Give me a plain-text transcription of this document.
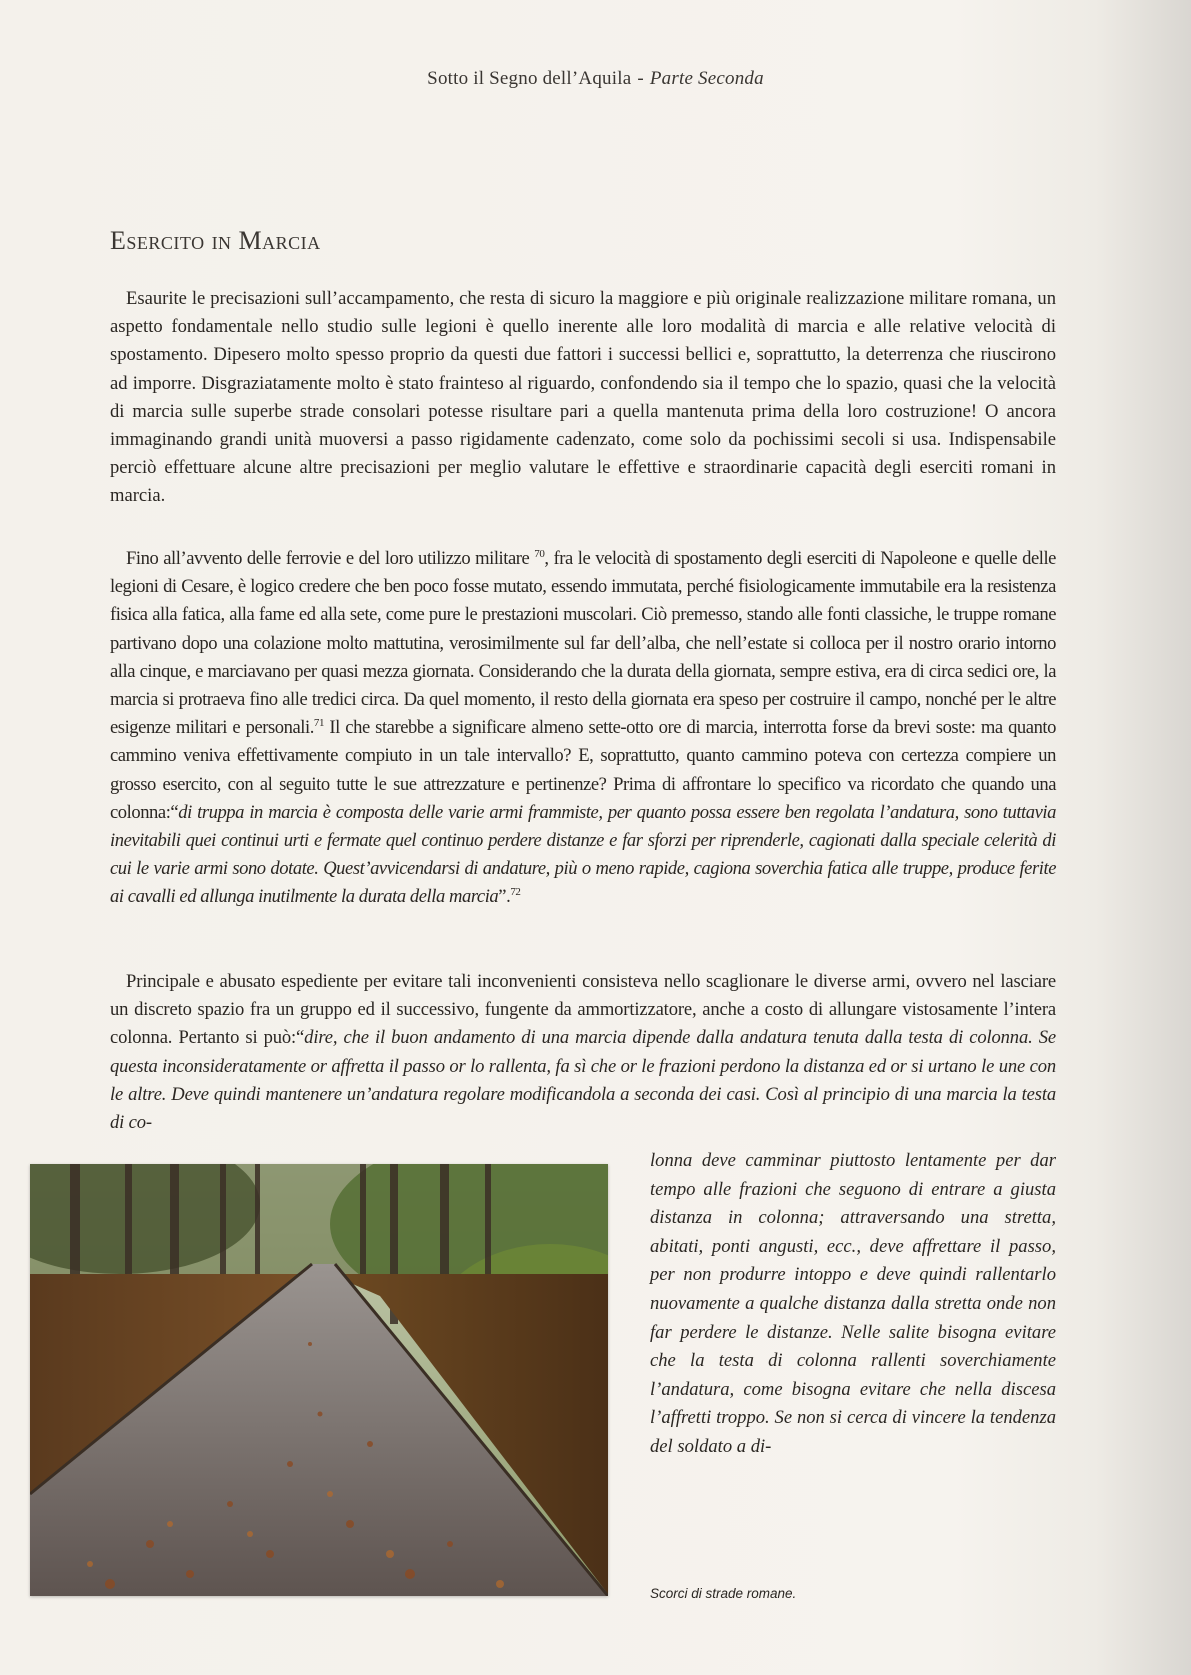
Sotto il Segno dell’Aquila - Parte Seconda
Esercito in Marcia

Esaurite le precisazioni sull’accampamento, che resta di sicuro la maggiore e più originale realizzazione militare romana, un aspetto fondamentale nello studio sulle legioni è quello inerente alle loro modalità di marcia e alle relative velocità di spostamento. Dipesero molto spesso proprio da questi due fattori i successi bellici e, soprattutto, la deterrenza che riuscirono ad imporre. Disgraziatamente molto è stato frainteso al riguardo, confondendo sia il tempo che lo spazio, quasi che la velocità di marcia sulle superbe strade consolari potesse risultare pari a quella mantenuta prima della loro costruzione! O ancora immaginando grandi unità muoversi a passo rigidamente cadenzato, come solo da pochissimi secoli si usa. Indispensabile perciò effettuare alcune altre precisazioni per meglio valutare le effettive e straordinarie capacità degli eserciti romani in marcia.

Fino all’avvento delle ferrovie e del loro utilizzo militare $^{70}$, fra le velocità di spostamento degli eserciti di Napoleone e quelle delle legioni di Cesare, è logico credere che ben poco fosse mutato, essendo immutata, perché fisiologicamente immutabile era la resistenza fisica alla fatica, alla fame ed alla sete, come pure le prestazioni muscolari. Ciò premesso, stando alle fonti classiche, le truppe romane partivano dopo una colazione molto mattutina, verosimilmente sul far dell’alba, che nell’estate si colloca per il nostro orario intorno alla cinque, e marciavano per quasi mezza giornata. Considerando che la durata della giornata, sempre estiva, era di circa sedici ore, la marcia si protraeva fino alle tredici circa. Da quel momento, il resto della giornata era speso per costruire il campo, nonché per le altre esigenze militari e personali.$^{71}$ Il che starebbe a significare almeno sette-otto ore di marcia, interrotta forse da brevi soste: ma quanto cammino veniva effettivamente compiuto in un tale intervallo? E, soprattutto, quanto cammino poteva con certezza compiere un grosso esercito, con al seguito tutte le sue attrezzature e pertinenze? Prima di affrontare lo specifico va ricordato che quando una colonna:“di truppa in marcia è composta delle varie armi frammiste, per quanto possa essere ben regolata l’andatura, sono tuttavia inevitabili quei continui urti e fermate quel continuo perdere distanze e far sforzi per riprenderle, cagionati dalla speciale celerità di cui le varie armi sono dotate. Quest’avvicendarsi di andature, più o meno rapide, cagiona soverchia fatica alle truppe, produce ferite ai cavalli ed allunga inutilmente la durata della marcia”.$^{72}$

Principale e abusato espediente per evitare tali inconvenienti consisteva nello scaglionare le diverse armi, ovvero nel lasciare un discreto spazio fra un gruppo ed il successivo, fungente da ammortizzatore, anche a costo di allungare vistosamente l’intera colonna. Pertanto si può:“dire, che il buon andamento di una marcia dipende dalla andatura tenuta dalla testa di colonna. Se questa inconsideratamente or affretta il passo or lo rallenta, fa sì che or le frazioni perdono la distanza ed or si urtano le une con le altre. Deve quindi mantenere un’andatura regolare modificandola a seconda dei casi. Così al principio di una marcia la testa di co-

lonna deve camminar piuttosto lentamente per dar tempo alle frazioni che seguono di entrare a giusta distanza in colonna; attraversando una stretta, abitati, ponti angusti, ecc., deve affrettare il passo, per non produrre intoppo e deve quindi rallentarlo nuovamente a qualche distanza dalla stretta onde non far perdere le distanze. Nelle salite bisogna evitare che la testa di colonna rallenti soverchiamente l’andatura, come bisogna evitare che nella discesa l’affretti troppo. Se non si cerca di vincere la tendenza del soldato a di-

Scorci di strade romane.
